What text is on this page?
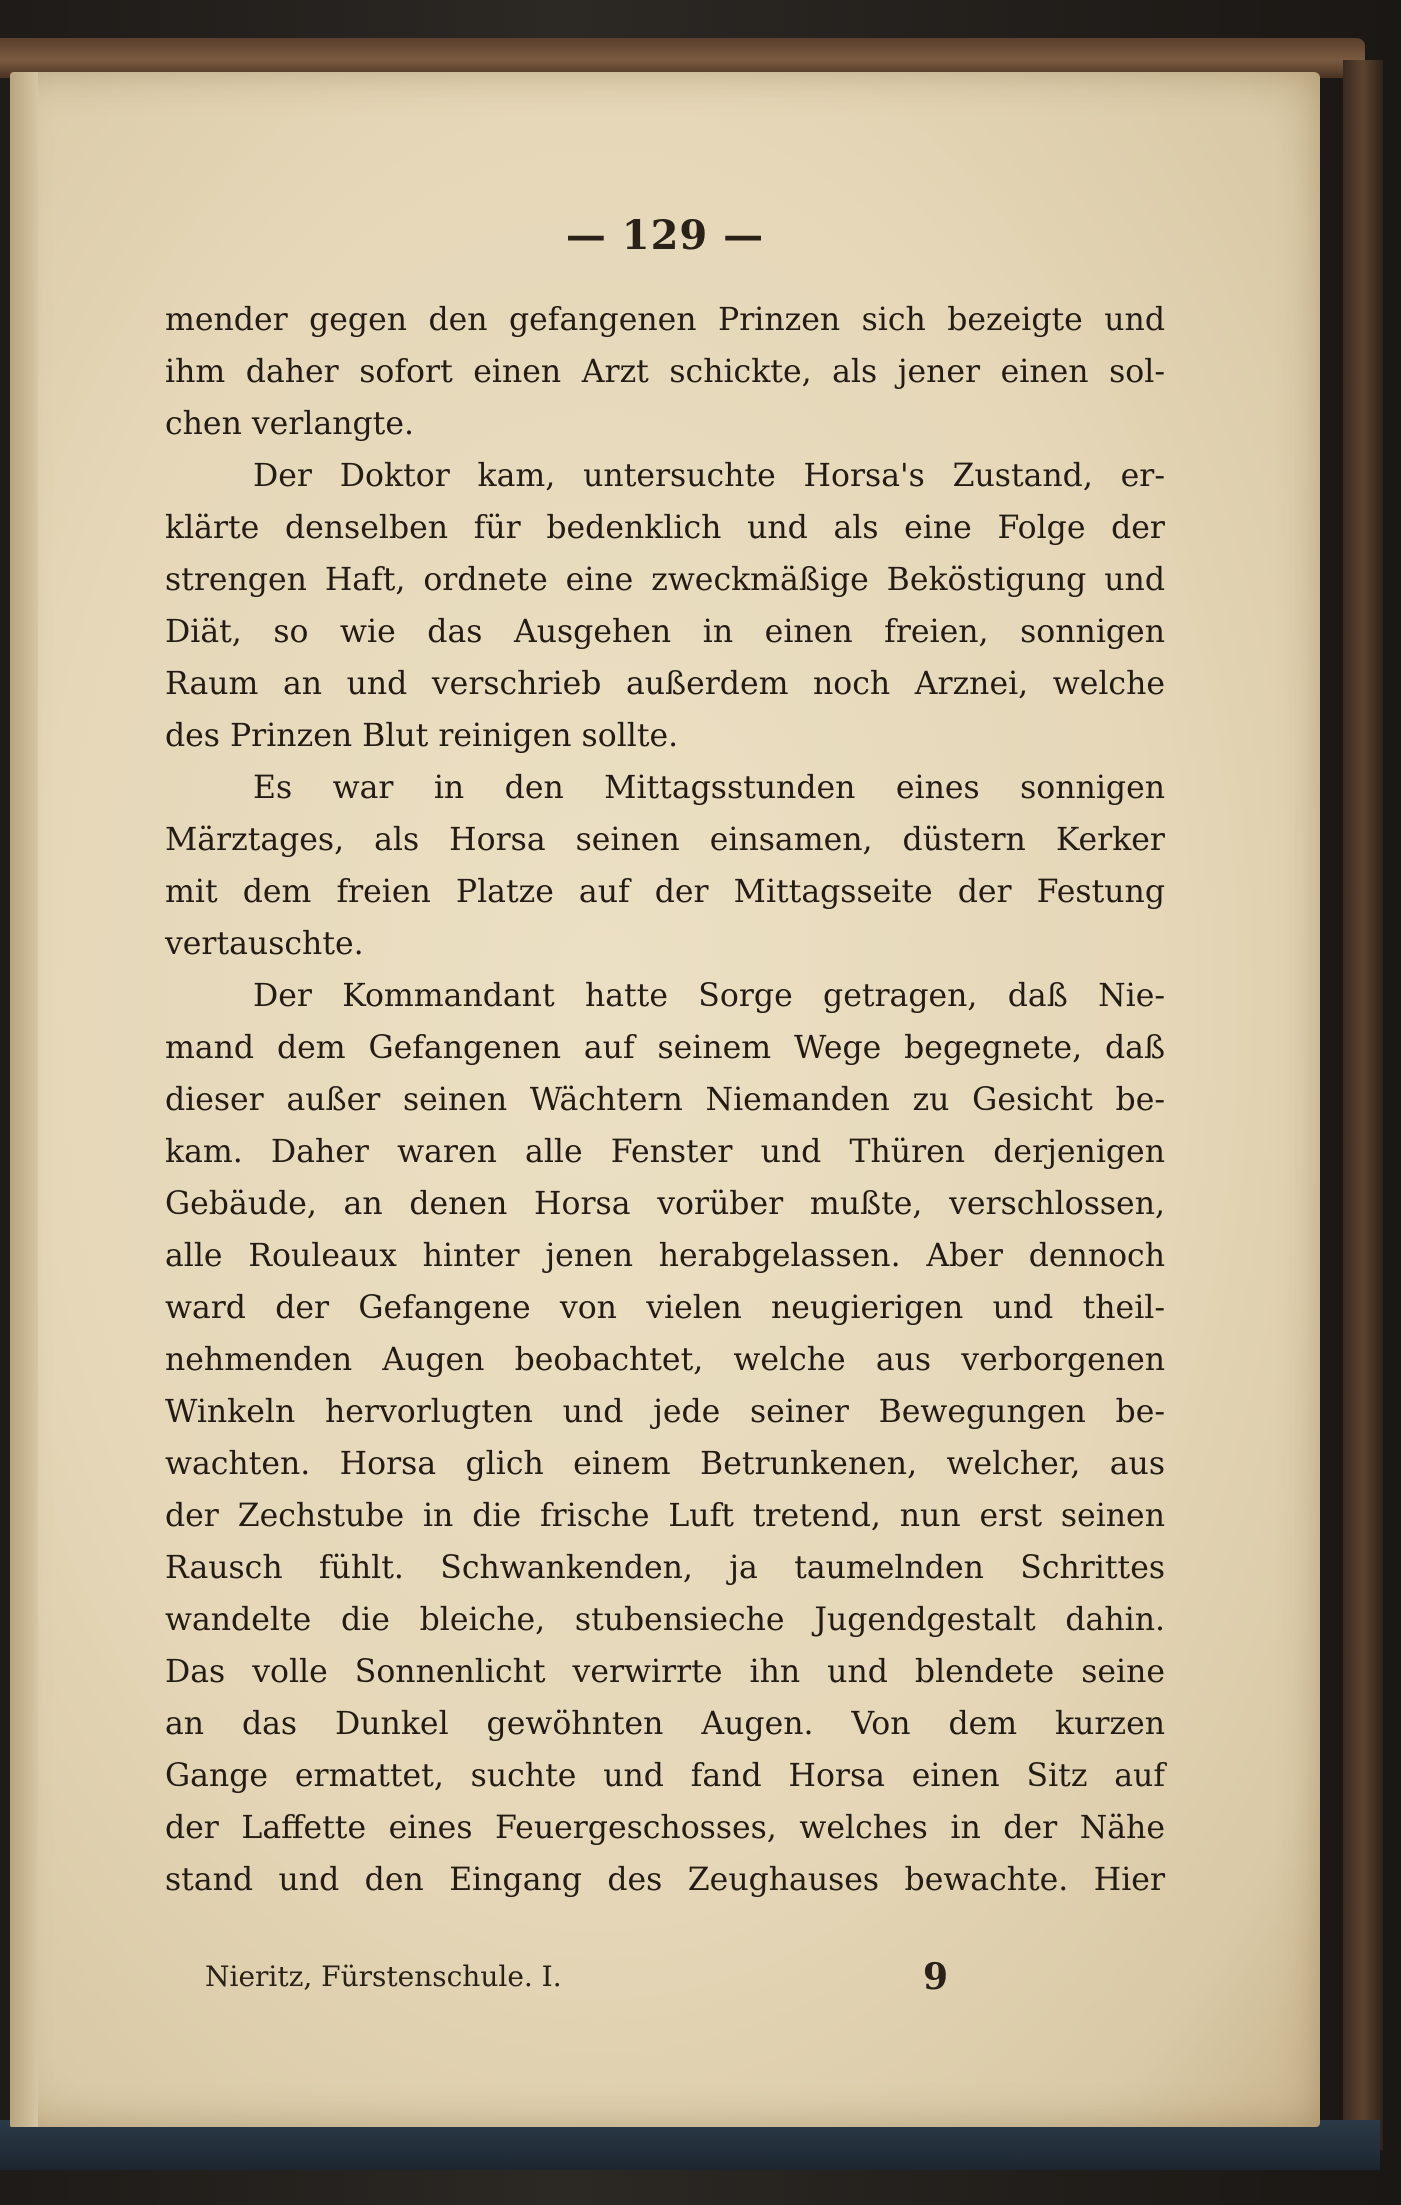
— 129 —
mender gegen den gefangenen Prinzen sich bezeigte und
ihm daher sofort einen Arzt schickte, als jener einen sol-
chen verlangte.
Der Doktor kam, untersuchte Horsa's Zustand, er-
klärte denselben für bedenklich und als eine Folge der
strengen Haft, ordnete eine zweckmäßige Beköstigung und
Diät, so wie das Ausgehen in einen freien, sonnigen
Raum an und verschrieb außerdem noch Arznei, welche
des Prinzen Blut reinigen sollte.
Es war in den Mittagsstunden eines sonnigen
Märztages, als Horsa seinen einsamen, düstern Kerker
mit dem freien Platze auf der Mittagsseite der Festung
vertauschte.
Der Kommandant hatte Sorge getragen, daß Nie-
mand dem Gefangenen auf seinem Wege begegnete, daß
dieser außer seinen Wächtern Niemanden zu Gesicht be-
kam. Daher waren alle Fenster und Thüren derjenigen
Gebäude, an denen Horsa vorüber mußte, verschlossen,
alle Rouleaux hinter jenen herabgelassen. Aber dennoch
ward der Gefangene von vielen neugierigen und theil-
nehmenden Augen beobachtet, welche aus verborgenen
Winkeln hervorlugten und jede seiner Bewegungen be-
wachten. Horsa glich einem Betrunkenen, welcher, aus
der Zechstube in die frische Luft tretend, nun erst seinen
Rausch fühlt. Schwankenden, ja taumelnden Schrittes
wandelte die bleiche, stubensieche Jugendgestalt dahin.
Das volle Sonnenlicht verwirrte ihn und blendete seine
an das Dunkel gewöhnten Augen. Von dem kurzen
Gange ermattet, suchte und fand Horsa einen Sitz auf
der Laffette eines Feuergeschosses, welches in der Nähe
stand und den Eingang des Zeughauses bewachte. Hier
Nieritz, Fürstenschule. I.	9
